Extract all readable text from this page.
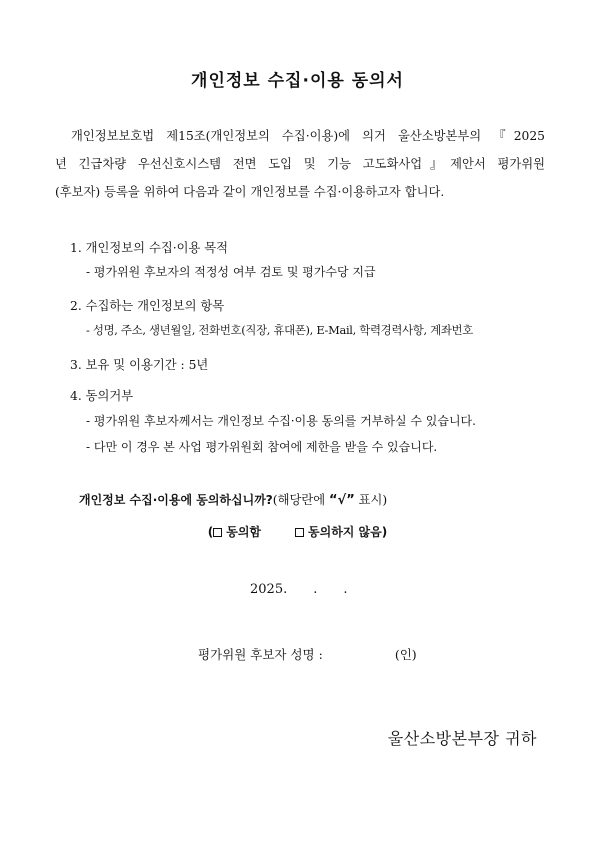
개인정보 수집·이용 동의서
개인정보보호법 제15조(개인정보의 수집·이용)에 의거 울산소방본부의 『2025
년 긴급차량 우선신호시스템 전면 도입 및 기능 고도화사업』제안서 평가위원
(후보자) 등록을 위하여 다음과 같이 개인정보를 수집·이용하고자 합니다.
1. 개인정보의 수집·이용 목적
- 평가위원 후보자의 적정성 여부 검토 및 평가수당 지급
2. 수집하는 개인정보의 항목
- 성명, 주소, 생년월일, 전화번호(직장, 휴대폰), E-Mail, 학력경력사항, 계좌번호
3. 보유 및 이용기간 : 5년
4. 동의거부
- 평가위원 후보자께서는 개인정보 수집·이용 동의를 거부하실 수 있습니다.
- 다만 이 경우 본 사업 평가위원회 참여에 제한을 받을 수 있습니다.
개인정보 수집·이용에 동의하십니까?(해당란에 “√” 표시)
( 동의함	동의하지 않음)
2025. . .
평가위원 후보자 성명 :	(인)
울산소방본부장 귀하
